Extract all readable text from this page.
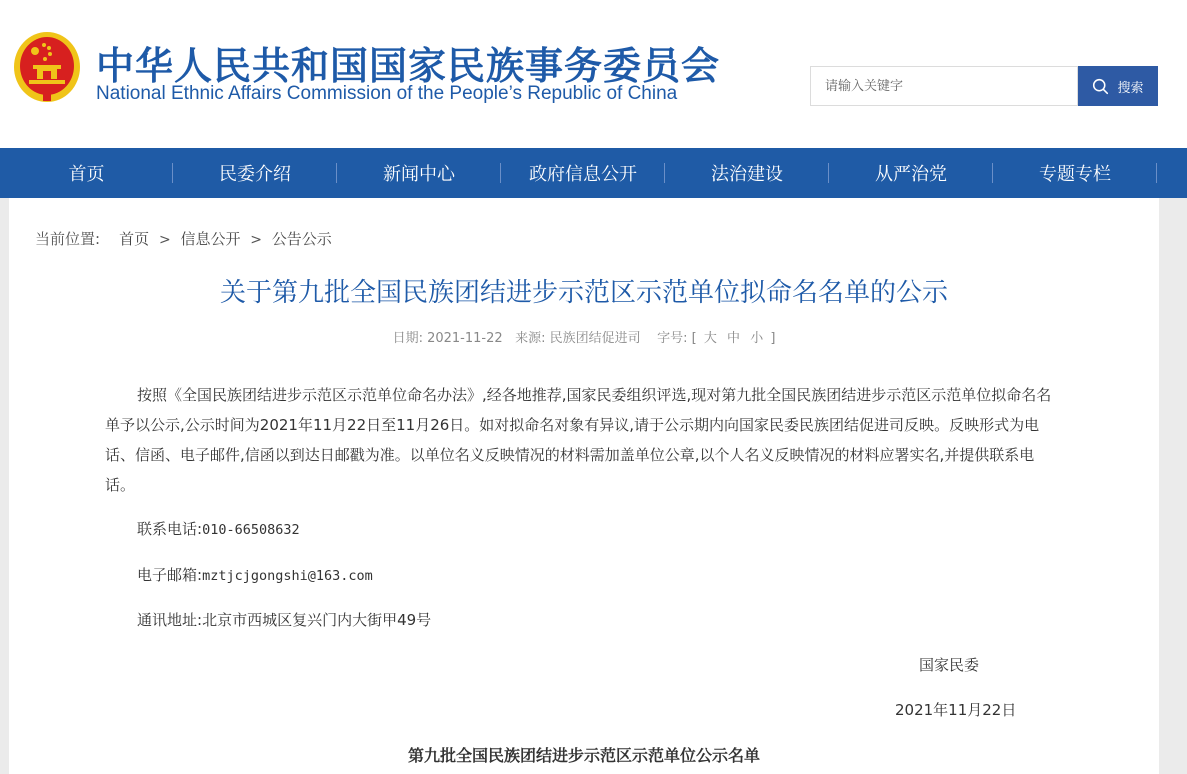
中华人民共和国国家民族事务委员会
National Ethnic Affairs Commission of the People’s Republic of China
请输入关键字	搜索
首页	民委介绍	新闻中心	政府信息公开	法治建设	从严治党	专题专栏
当前位置: 首页 > 信息公开 > 公告公示
关于第九批全国民族团结进步示范区示范单位拟命名名单的公示
日期: 2021-11-22 来源: 民族团结促进司 字号: [ 大 中 小 ]

按照《全国民族团结进步示范区示范单位命名办法》,经各地推荐,国家民委组织评选,现对第九批全国民族团结进步示范区示范单位拟命名名单予以公示,公示时间为2021年11月22日至11月26日。如对拟命名对象有异议,请于公示期内向国家民委民族团结促进司反映。反映形式为电话、信函、电子邮件,信函以到达日邮戳为准。以单位名义反映情况的材料需加盖单位公章,以个人名义反映情况的材料应署实名,并提供联系电话。

联系电话:010-66508632
电子邮箱:mztjcjgongshi@163.com
通讯地址:北京市西城区复兴门内大街甲49号
国家民委
2021年11月22日
第九批全国民族团结进步示范区示范单位公示名单
